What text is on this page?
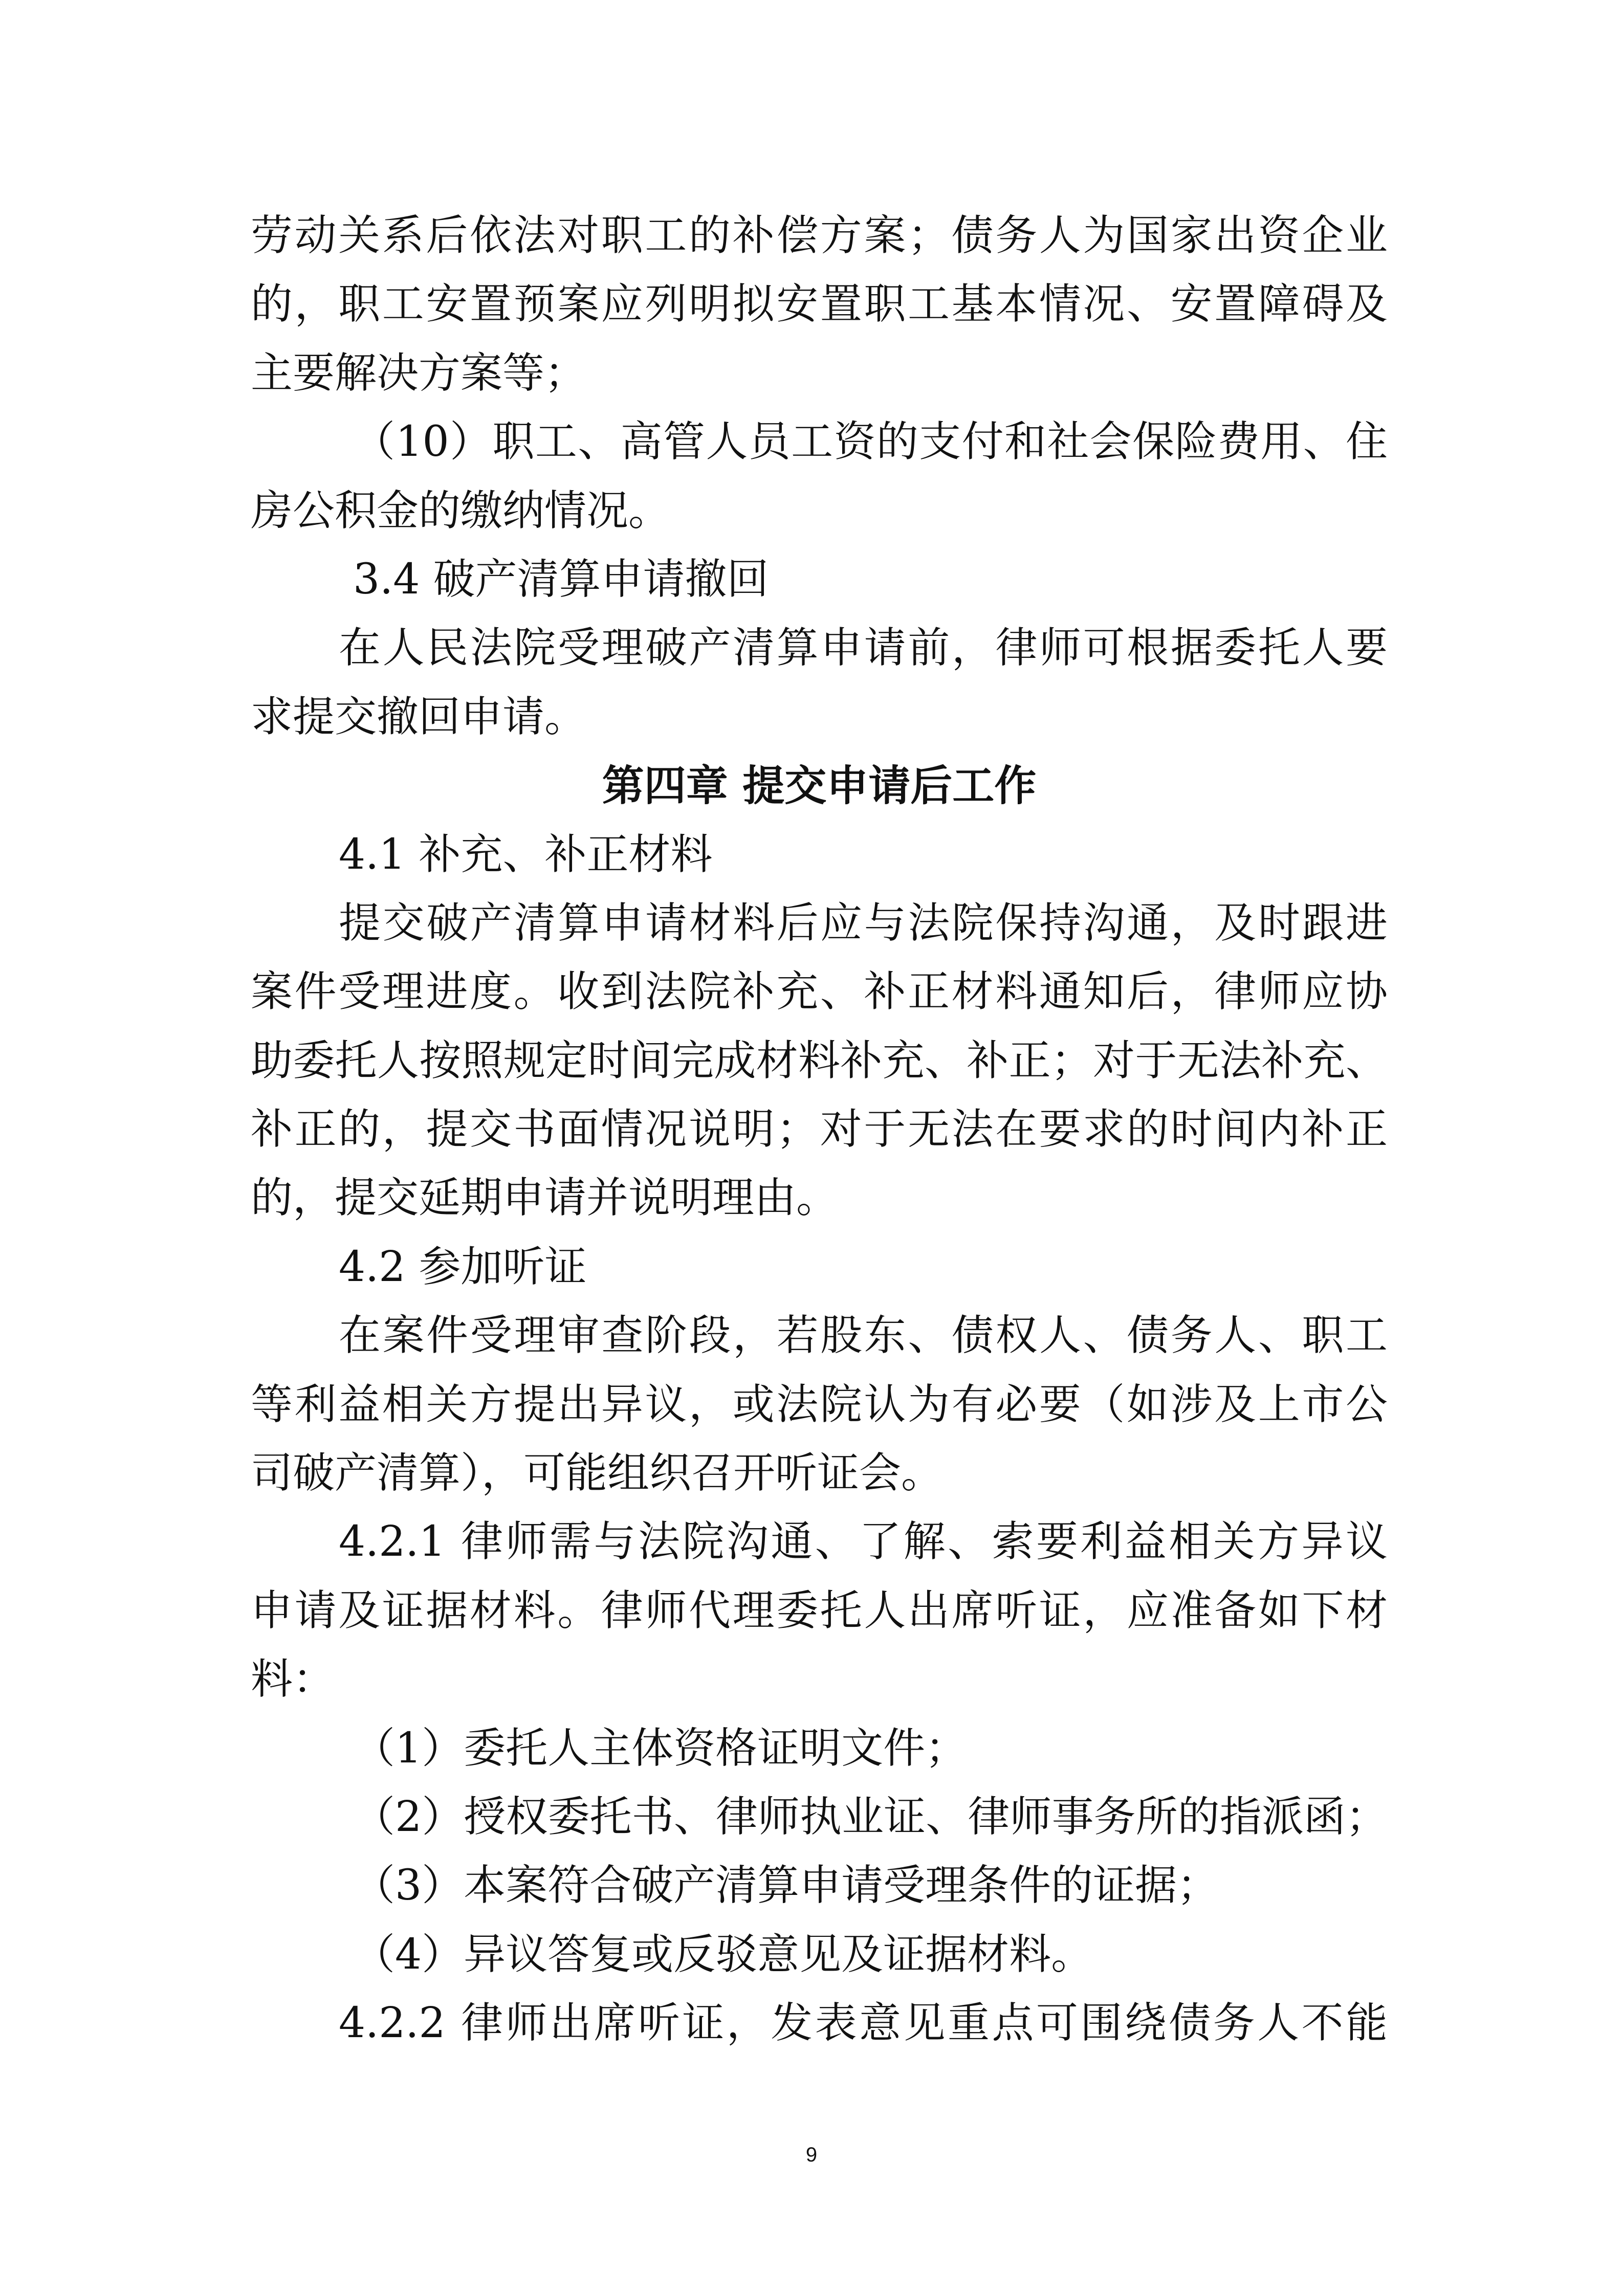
劳动关系后依法对职工的补偿方案；债务人为国家出资企业
的，职工安置预案应列明拟安置职工基本情况、安置障碍及
主要解决方案等；
（10）职工、高管人员工资的支付和社会保险费用、住
房公积金的缴纳情况。
3.4 破产清算申请撤回
在人民法院受理破产清算申请前，律师可根据委托人要
求提交撤回申请。
第四章 提交申请后工作
4.1 补充、补正材料
提交破产清算申请材料后应与法院保持沟通，及时跟进
案件受理进度。收到法院补充、补正材料通知后，律师应协
助委托人按照规定时间完成材料补充、补正；对于无法补充、
补正的，提交书面情况说明；对于无法在要求的时间内补正
的，提交延期申请并说明理由。
4.2 参加听证
在案件受理审查阶段，若股东、债权人、债务人、职工
等利益相关方提出异议，或法院认为有必要（如涉及上市公
司破产清算），可能组织召开听证会。
4.2.1 律师需与法院沟通、了解、索要利益相关方异议
申请及证据材料。律师代理委托人出席听证，应准备如下材
料：
（1）委托人主体资格证明文件；
（2）授权委托书、律师执业证、律师事务所的指派函；
（3）本案符合破产清算申请受理条件的证据；
（4）异议答复或反驳意见及证据材料。
4.2.2 律师出席听证，发表意见重点可围绕债务人不能
9
